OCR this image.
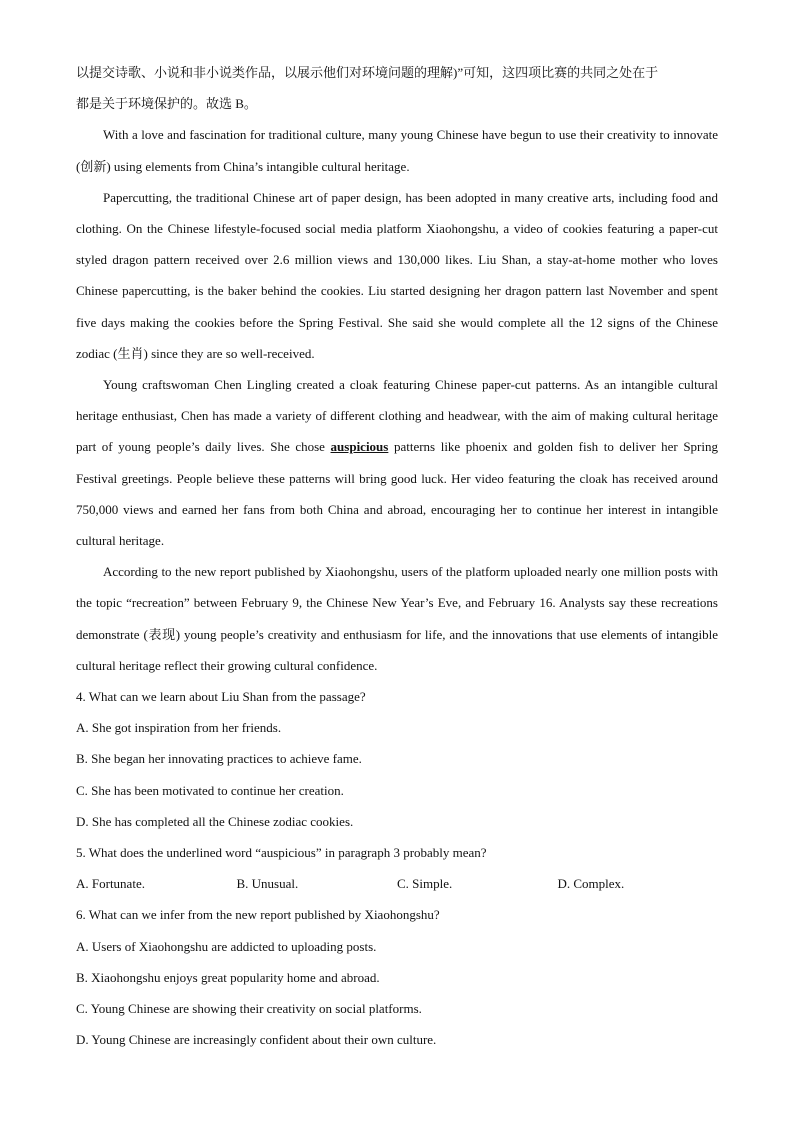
以提交诗歌、小说和非小说类作品，以展示他们对环境问题的理解)”可知，这四项比赛的共同之处在于

都是关于环境保护的。故选 B。

With a love and fascination for traditional culture, many young Chinese have begun to use their creativity to innovate (创新) using elements from China’s intangible cultural heritage.

Papercutting, the traditional Chinese art of paper design, has been adopted in many creative arts, including food and clothing. On the Chinese lifestyle-focused social media platform Xiaohongshu, a video of cookies featuring a paper-cut styled dragon pattern received over 2.6 million views and 130,000 likes. Liu Shan, a stay-at-home mother who loves Chinese papercutting, is the baker behind the cookies. Liu started designing her dragon pattern last November and spent five days making the cookies before the Spring Festival. She said she would complete all the 12 signs of the Chinese zodiac (生肖) since they are so well-received.

Young craftswoman Chen Lingling created a cloak featuring Chinese paper-cut patterns. As an intangible cultural heritage enthusiast, Chen has made a variety of different clothing and headwear, with the aim of making cultural heritage part of young people’s daily lives. She chose auspicious patterns like phoenix and golden fish to deliver her Spring Festival greetings. People believe these patterns will bring good luck. Her video featuring the cloak has received around 750,000 views and earned her fans from both China and abroad, encouraging her to continue her interest in intangible cultural heritage.

According to the new report published by Xiaohongshu, users of the platform uploaded nearly one million posts with the topic “recreation” between February 9, the Chinese New Year’s Eve, and February 16. Analysts say these recreations demonstrate (表现) young people’s creativity and enthusiasm for life, and the innovations that use elements of intangible cultural heritage reflect their growing cultural confidence.

4. What can we learn about Liu Shan from the passage?

A. She got inspiration from her friends.

B. She began her innovating practices to achieve fame.

C. She has been motivated to continue her creation.

D. She has completed all the Chinese zodiac cookies.

5. What does the underlined word “auspicious” in paragraph 3 probably mean?

A. Fortunate.	B. Unusual.	C. Simple.	D. Complex.

6. What can we infer from the new report published by Xiaohongshu?

A. Users of Xiaohongshu are addicted to uploading posts.

B. Xiaohongshu enjoys great popularity home and abroad.

C. Young Chinese are showing their creativity on social platforms.

D. Young Chinese are increasingly confident about their own culture.
